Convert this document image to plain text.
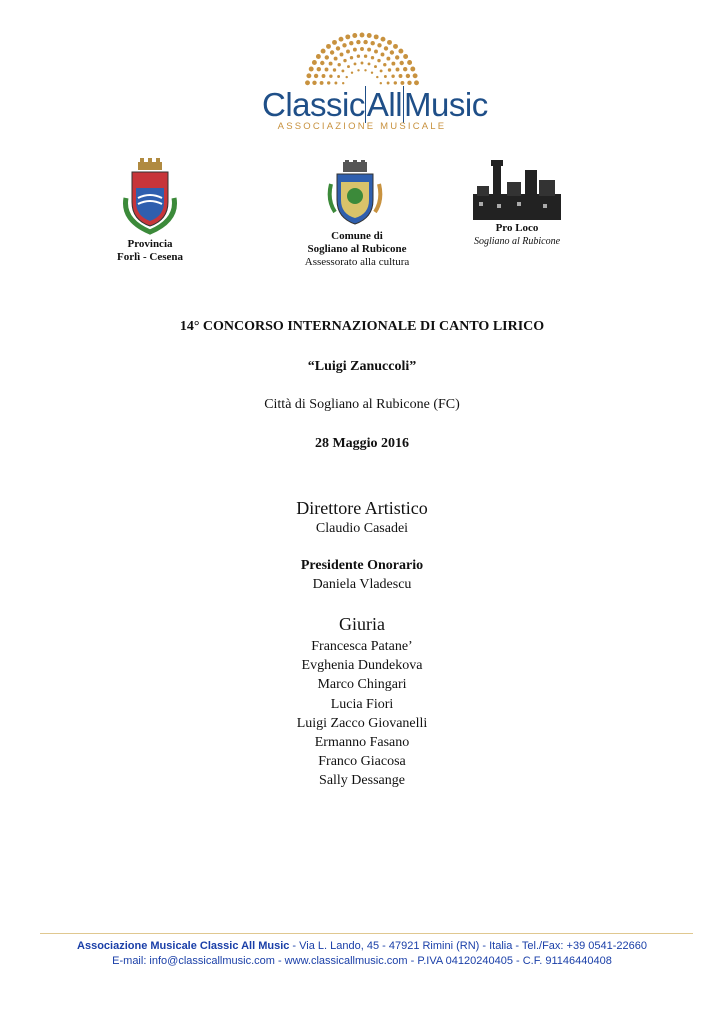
ClassicAllMusic
ASSOCIAZIONE MUSICALE
Provincia
Forlì - Cesena
Comune di
Sogliano al Rubicone
Assessorato alla cultura
Pro Loco
Sogliano al Rubicone
14° CONCORSO INTERNAZIONALE DI CANTO LIRICO
“Luigi Zanuccoli”
Città di Sogliano al Rubicone (FC)
28 Maggio 2016
Direttore Artistico
Claudio Casadei
Presidente Onorario
Daniela Vladescu
Giuria
Francesca Patane’
Evghenia Dundekova
Marco Chingari
Lucia Fiori
Luigi Zacco Giovanelli
Ermanno Fasano
Franco Giacosa
Sally Dessange
Associazione Musicale Classic All Music - Via L. Lando, 45 - 47921 Rimini (RN) - Italia - Tel./Fax: +39 0541-22660
E-mail: info@classicallmusic.com - www.classicallmusic.com - P.IVA 04120240405 - C.F. 91146440408
